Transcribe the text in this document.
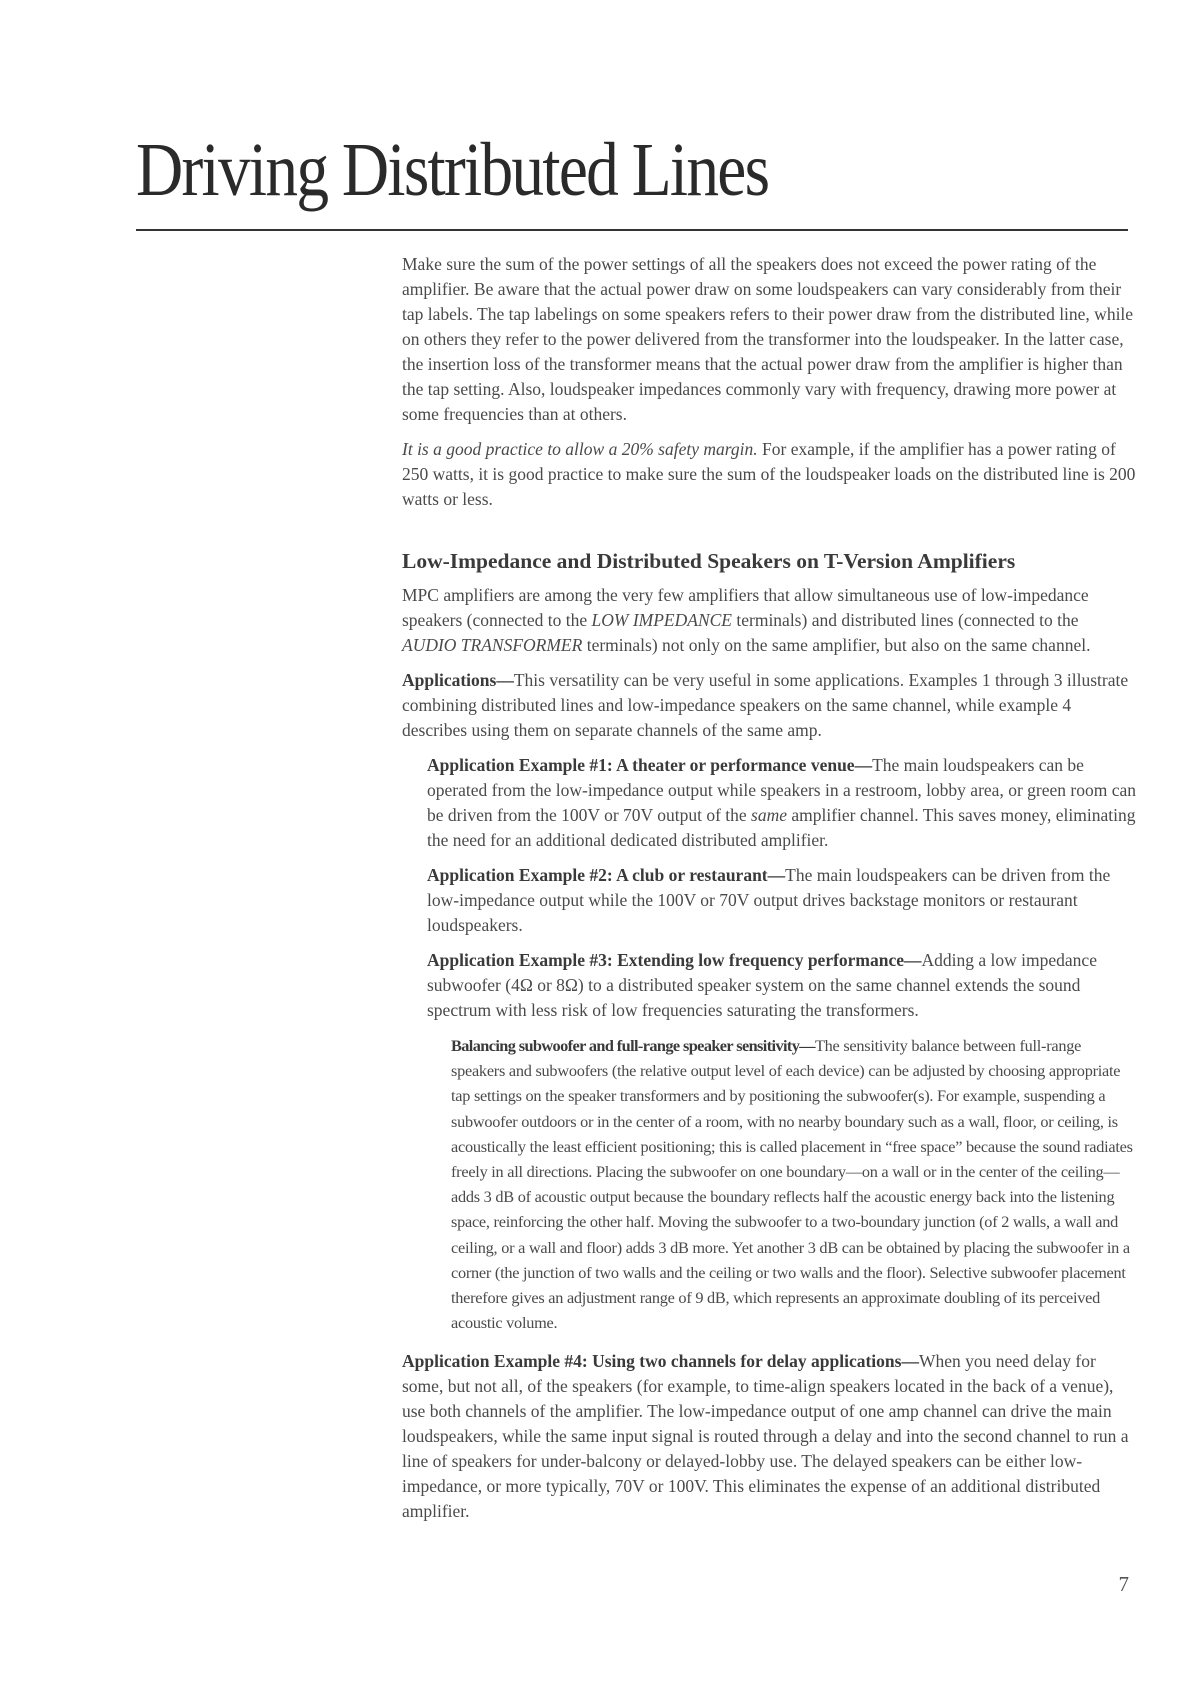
Driving Distributed Lines

Make sure the sum of the power settings of all the speakers does not exceed the power rating of the amplifier. Be aware that the actual power draw on some loudspeakers can vary considerably from their tap labels. The tap labelings on some speakers refers to their power draw from the distributed line, while on others they refer to the power delivered from the transformer into the loudspeaker. In the latter case, the insertion loss of the transformer means that the actual power draw from the amplifier is higher than the tap setting. Also, loudspeaker impedances commonly vary with frequency, drawing more power at some frequencies than at others.

It is a good practice to allow a 20% safety margin. For example, if the amplifier has a power rating of 250 watts, it is good practice to make sure the sum of the loudspeaker loads on the distributed line is 200 watts or less.

Low-Impedance and Distributed Speakers on T-Version Amplifiers

MPC amplifiers are among the very few amplifiers that allow simultaneous use of low-impedance speakers (connected to the LOW IMPEDANCE terminals) and distributed lines (connected to the AUDIO TRANSFORMER terminals) not only on the same amplifier, but also on the same channel.

Applications—This versatility can be very useful in some applications. Examples 1 through 3 illustrate combining distributed lines and low-impedance speakers on the same channel, while example 4 describes using them on separate channels of the same amp.

Application Example #1: A theater or performance venue—The main loudspeakers can be operated from the low-impedance output while speakers in a restroom, lobby area, or green room can be driven from the 100V or 70V output of the same amplifier channel. This saves money, eliminating the need for an additional dedicated distributed amplifier.

Application Example #2: A club or restaurant—The main loudspeakers can be driven from the low-impedance output while the 100V or 70V output drives backstage monitors or restaurant loudspeakers.

Application Example #3: Extending low frequency performance—Adding a low impedance subwoofer (4Ω or 8Ω) to a distributed speaker system on the same channel extends the sound spectrum with less risk of low frequencies saturating the transformers.

Balancing subwoofer and full-range speaker sensitivity—The sensitivity balance between full-range speakers and subwoofers (the relative output level of each device) can be adjusted by choosing appropriate tap settings on the speaker transformers and by positioning the subwoofer(s). For example, suspending a subwoofer outdoors or in the center of a room, with no nearby boundary such as a wall, floor, or ceiling, is acoustically the least efficient positioning; this is called placement in “free space” because the sound radiates freely in all directions. Placing the subwoofer on one boundary—on a wall or in the center of the ceiling—adds 3 dB of acoustic output because the boundary reflects half the acoustic energy back into the listening space, reinforcing the other half. Moving the subwoofer to a two-boundary junction (of 2 walls, a wall and ceiling, or a wall and floor) adds 3 dB more. Yet another 3 dB can be obtained by placing the subwoofer in a corner (the junction of two walls and the ceiling or two walls and the floor). Selective subwoofer placement therefore gives an adjustment range of 9 dB, which represents an approximate doubling of its perceived acoustic volume.

Application Example #4: Using two channels for delay applications—When you need delay for some, but not all, of the speakers (for example, to time-align speakers located in the back of a venue), use both channels of the amplifier. The low-impedance output of one amp channel can drive the main loudspeakers, while the same input signal is routed through a delay and into the second channel to run a line of speakers for under-balcony or delayed-lobby use. The delayed speakers can be either low-impedance, or more typically, 70V or 100V. This eliminates the expense of an additional distributed amplifier.

7
